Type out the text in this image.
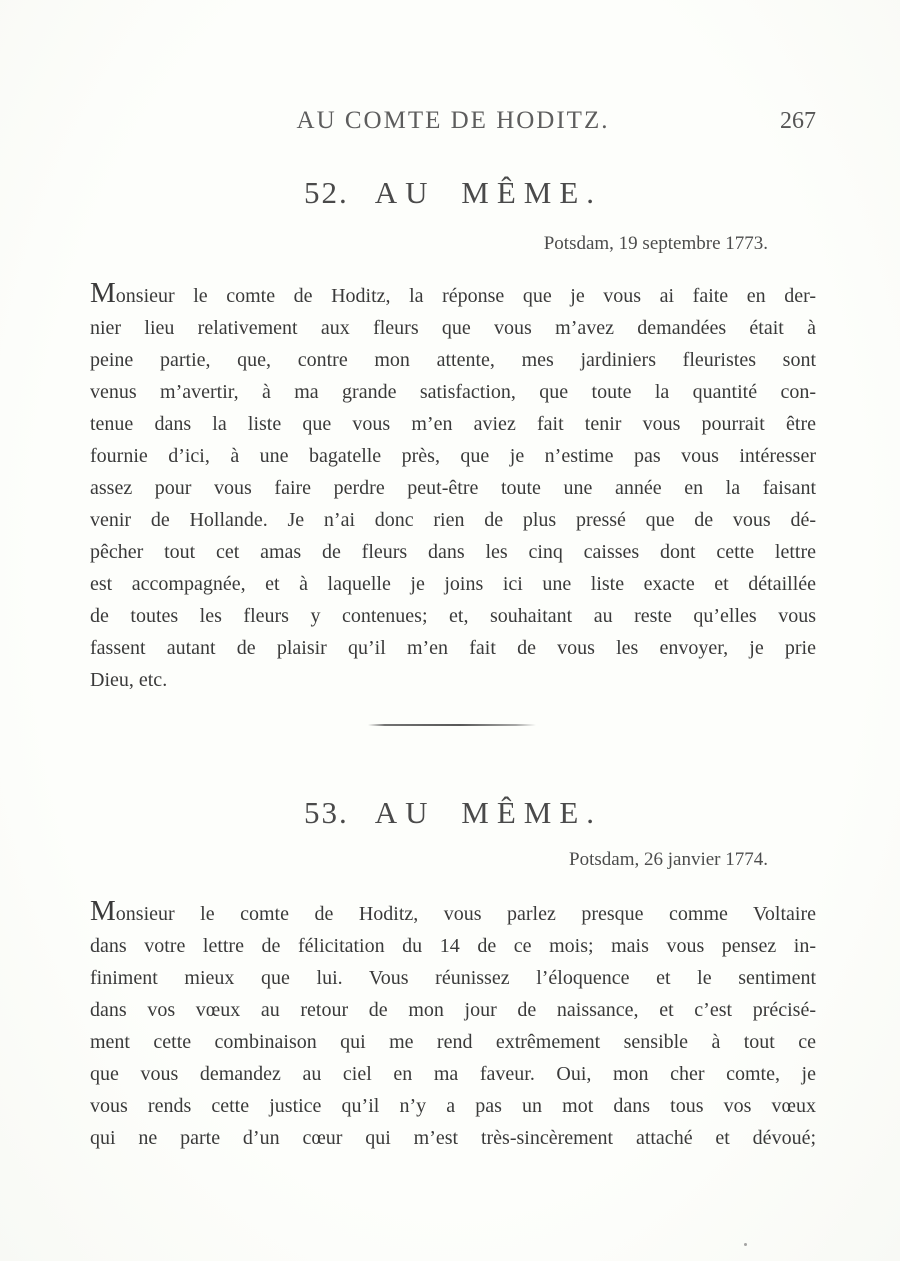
AU COMTE DE HODITZ.	267
52. AU MÊME.
Potsdam, 19 septembre 1773.
Monsieur le comte de Hoditz, la réponse que je vous ai faite en der-
nier lieu relativement aux fleurs que vous m’avez demandées était à
peine partie, que, contre mon attente, mes jardiniers fleuristes sont
venus m’avertir, à ma grande satisfaction, que toute la quantité con-
tenue dans la liste que vous m’en aviez fait tenir vous pourrait être
fournie d’ici, à une bagatelle près, que je n’estime pas vous intéresser
assez pour vous faire perdre peut-être toute une année en la faisant
venir de Hollande. Je n’ai donc rien de plus pressé que de vous dé-
pêcher tout cet amas de fleurs dans les cinq caisses dont cette lettre
est accompagnée, et à laquelle je joins ici une liste exacte et détaillée
de toutes les fleurs y contenues; et, souhaitant au reste qu’elles vous
fassent autant de plaisir qu’il m’en fait de vous les envoyer, je prie
Dieu, etc.
53. AU MÊME.
Potsdam, 26 janvier 1774.
Monsieur le comte de Hoditz, vous parlez presque comme Voltaire
dans votre lettre de félicitation du 14 de ce mois; mais vous pensez in-
finiment mieux que lui. Vous réunissez l’éloquence et le sentiment
dans vos vœux au retour de mon jour de naissance, et c’est précisé-
ment cette combinaison qui me rend extrêmement sensible à tout ce
que vous demandez au ciel en ma faveur. Oui, mon cher comte, je
vous rends cette justice qu’il n’y a pas un mot dans tous vos vœux
qui ne parte d’un cœur qui m’est très-sincèrement attaché et dévoué;
